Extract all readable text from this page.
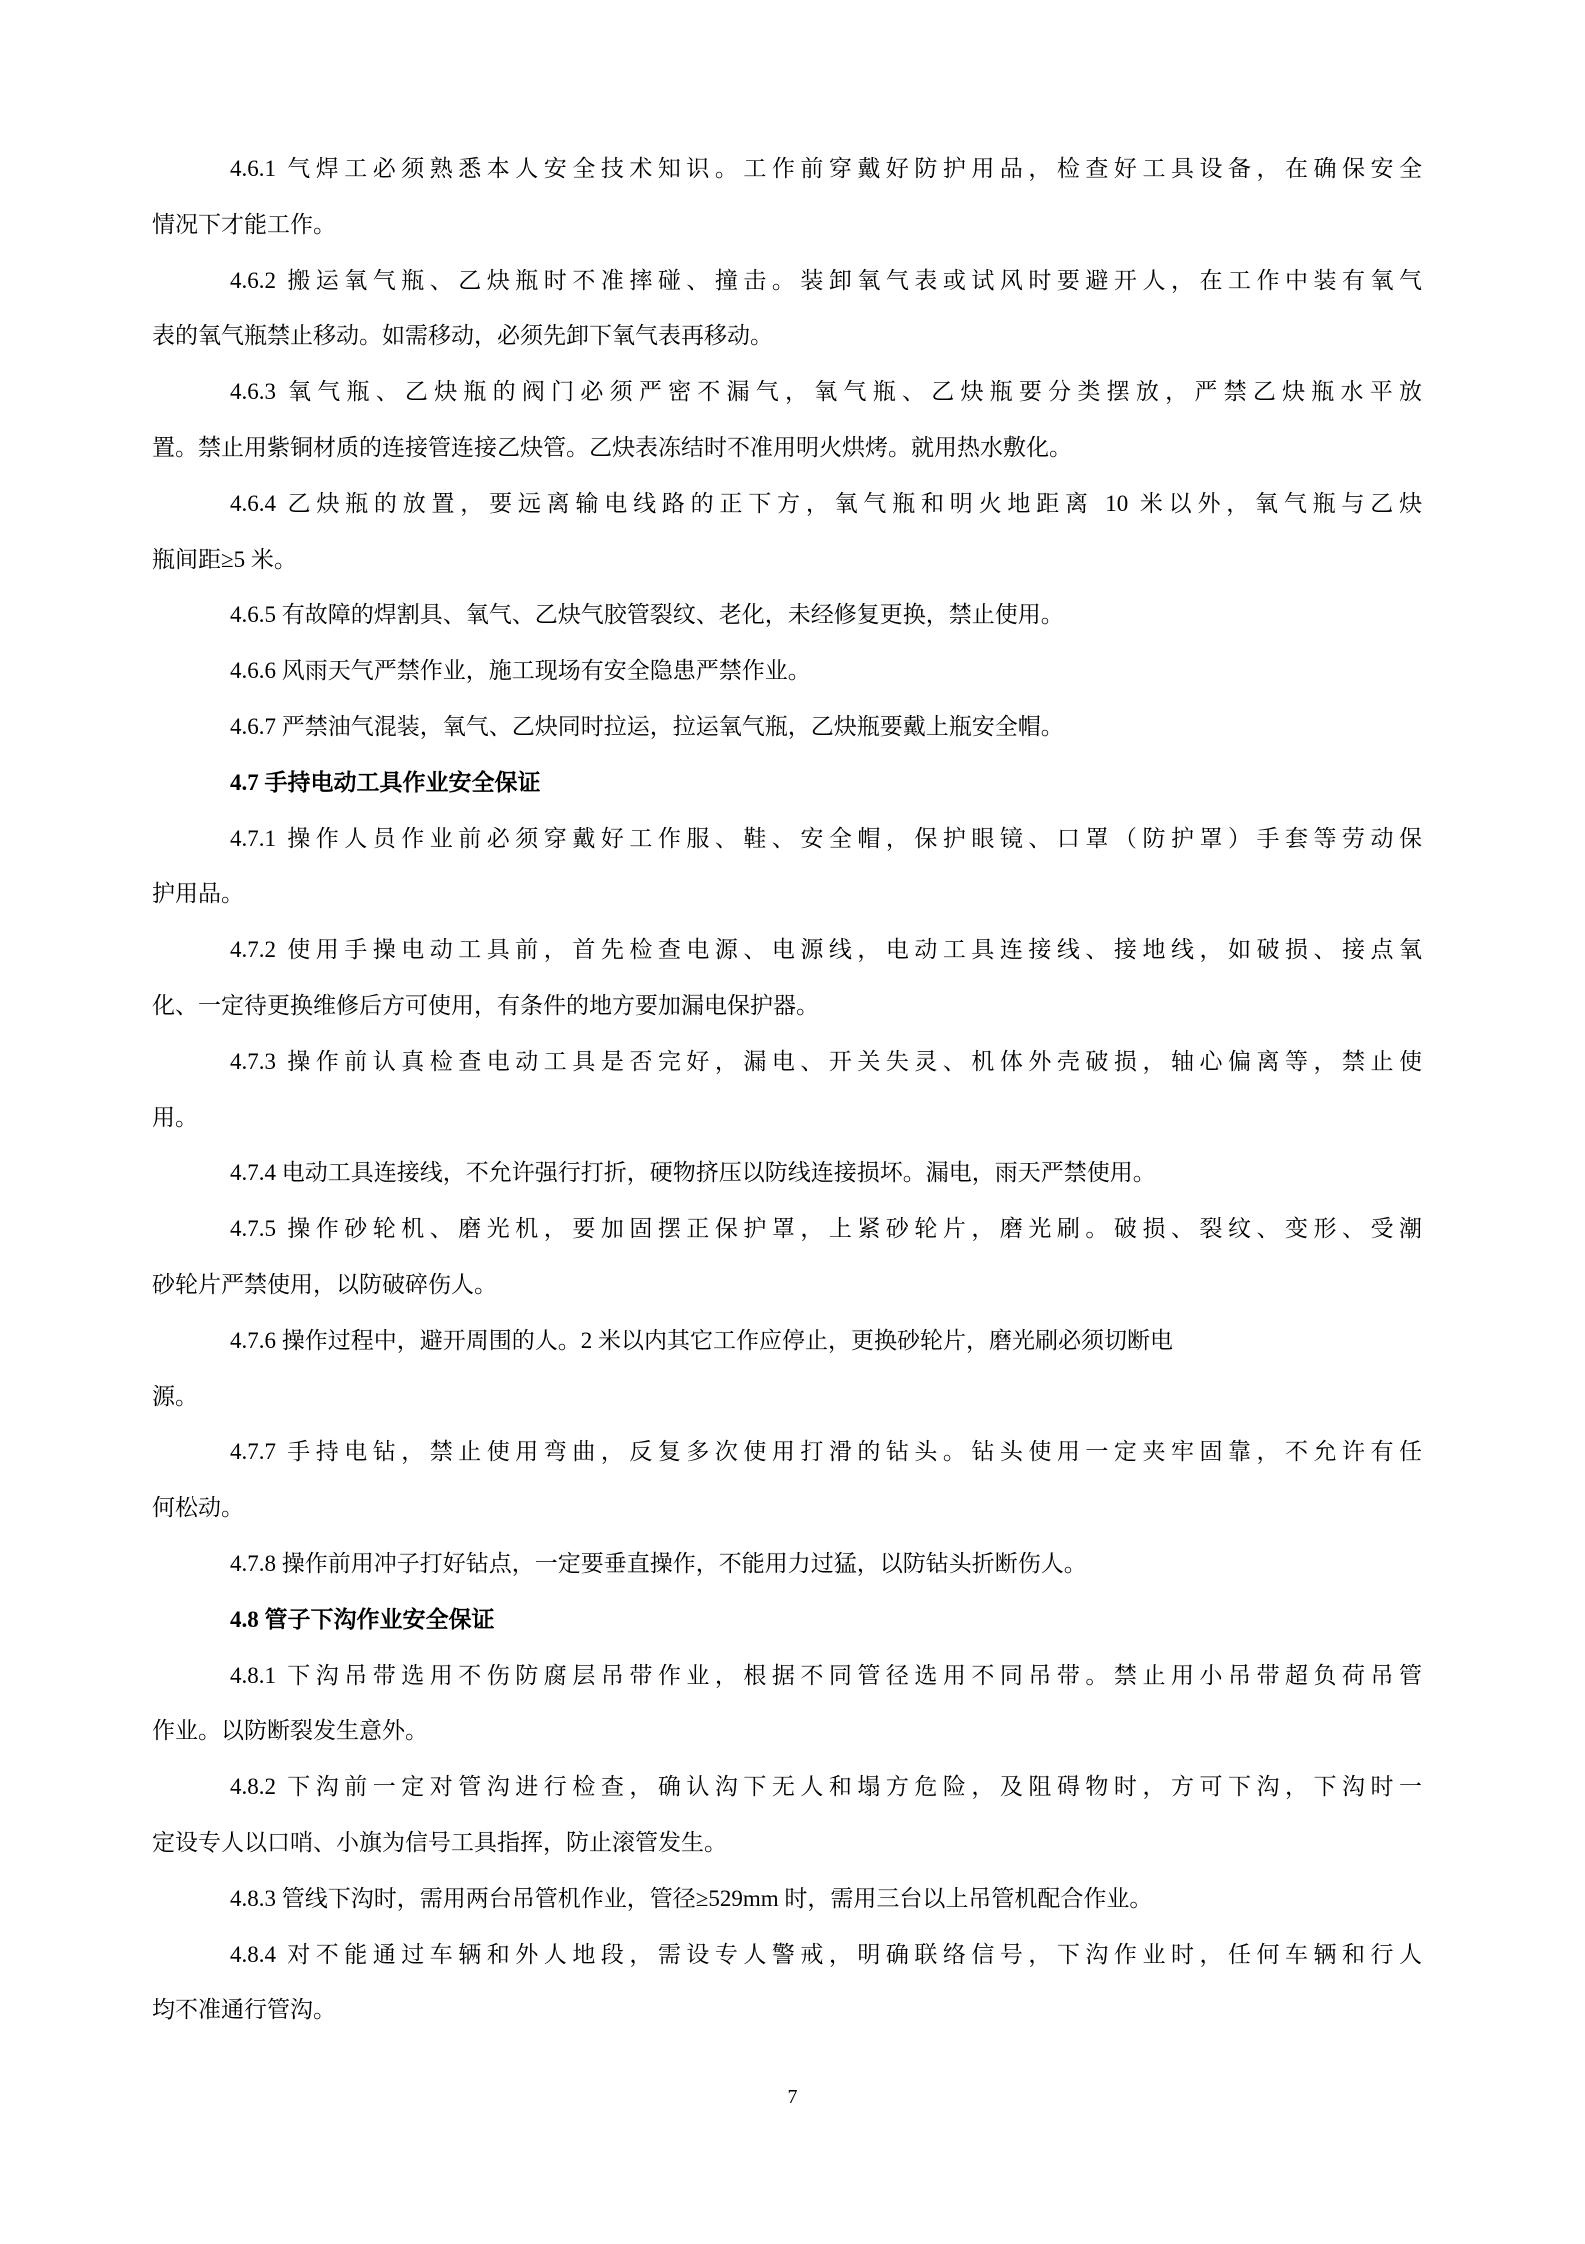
4.6.1 气焊工必须熟悉本人安全技术知识。工作前穿戴好防护用品，检查好工具设备，在确保安全
情况下才能工作。
4.6.2 搬运氧气瓶、乙炔瓶时不准摔碰、撞击。装卸氧气表或试风时要避开人，在工作中装有氧气
表的氧气瓶禁止移动。如需移动，必须先卸下氧气表再移动。
4.6.3 氧气瓶、乙炔瓶的阀门必须严密不漏气，氧气瓶、乙炔瓶要分类摆放，严禁乙炔瓶水平放
置。禁止用紫铜材质的连接管连接乙炔管。乙炔表冻结时不准用明火烘烤。就用热水敷化。
4.6.4 乙炔瓶的放置，要远离输电线路的正下方，氧气瓶和明火地距离 10 米以外，氧气瓶与乙炔
瓶间距≥5 米。
4.6.5 有故障的焊割具、氧气、乙炔气胶管裂纹、老化，未经修复更换，禁止使用。
4.6.6 风雨天气严禁作业，施工现场有安全隐患严禁作业。
4.6.7 严禁油气混装，氧气、乙炔同时拉运，拉运氧气瓶，乙炔瓶要戴上瓶安全帽。
4.7 手持电动工具作业安全保证
4.7.1 操作人员作业前必须穿戴好工作服、鞋、安全帽，保护眼镜、口罩（防护罩）手套等劳动保
护用品。
4.7.2 使用手操电动工具前，首先检查电源、电源线，电动工具连接线、接地线，如破损、接点氧
化、一定待更换维修后方可使用，有条件的地方要加漏电保护器。
4.7.3 操作前认真检查电动工具是否完好，漏电、开关失灵、机体外壳破损，轴心偏离等，禁止使
用。
4.7.4 电动工具连接线，不允许强行打折，硬物挤压以防线连接损坏。漏电，雨天严禁使用。
4.7.5 操作砂轮机、磨光机，要加固摆正保护罩，上紧砂轮片，磨光刷。破损、裂纹、变形、受潮
砂轮片严禁使用，以防破碎伤人。
4.7.6 操作过程中，避开周围的人。2 米以内其它工作应停止，更换砂轮片，磨光刷必须切断电
源。
4.7.7 手持电钻，禁止使用弯曲，反复多次使用打滑的钻头。钻头使用一定夹牢固靠，不允许有任
何松动。
4.7.8 操作前用冲子打好钻点，一定要垂直操作，不能用力过猛，以防钻头折断伤人。
4.8 管子下沟作业安全保证
4.8.1 下沟吊带选用不伤防腐层吊带作业，根据不同管径选用不同吊带。禁止用小吊带超负荷吊管
作业。以防断裂发生意外。
4.8.2 下沟前一定对管沟进行检查，确认沟下无人和塌方危险，及阻碍物时，方可下沟，下沟时一
定设专人以口哨、小旗为信号工具指挥，防止滚管发生。
4.8.3 管线下沟时，需用两台吊管机作业，管径≥529mm 时，需用三台以上吊管机配合作业。
4.8.4 对不能通过车辆和外人地段，需设专人警戒，明确联络信号，下沟作业时，任何车辆和行人
均不准通行管沟。
7
